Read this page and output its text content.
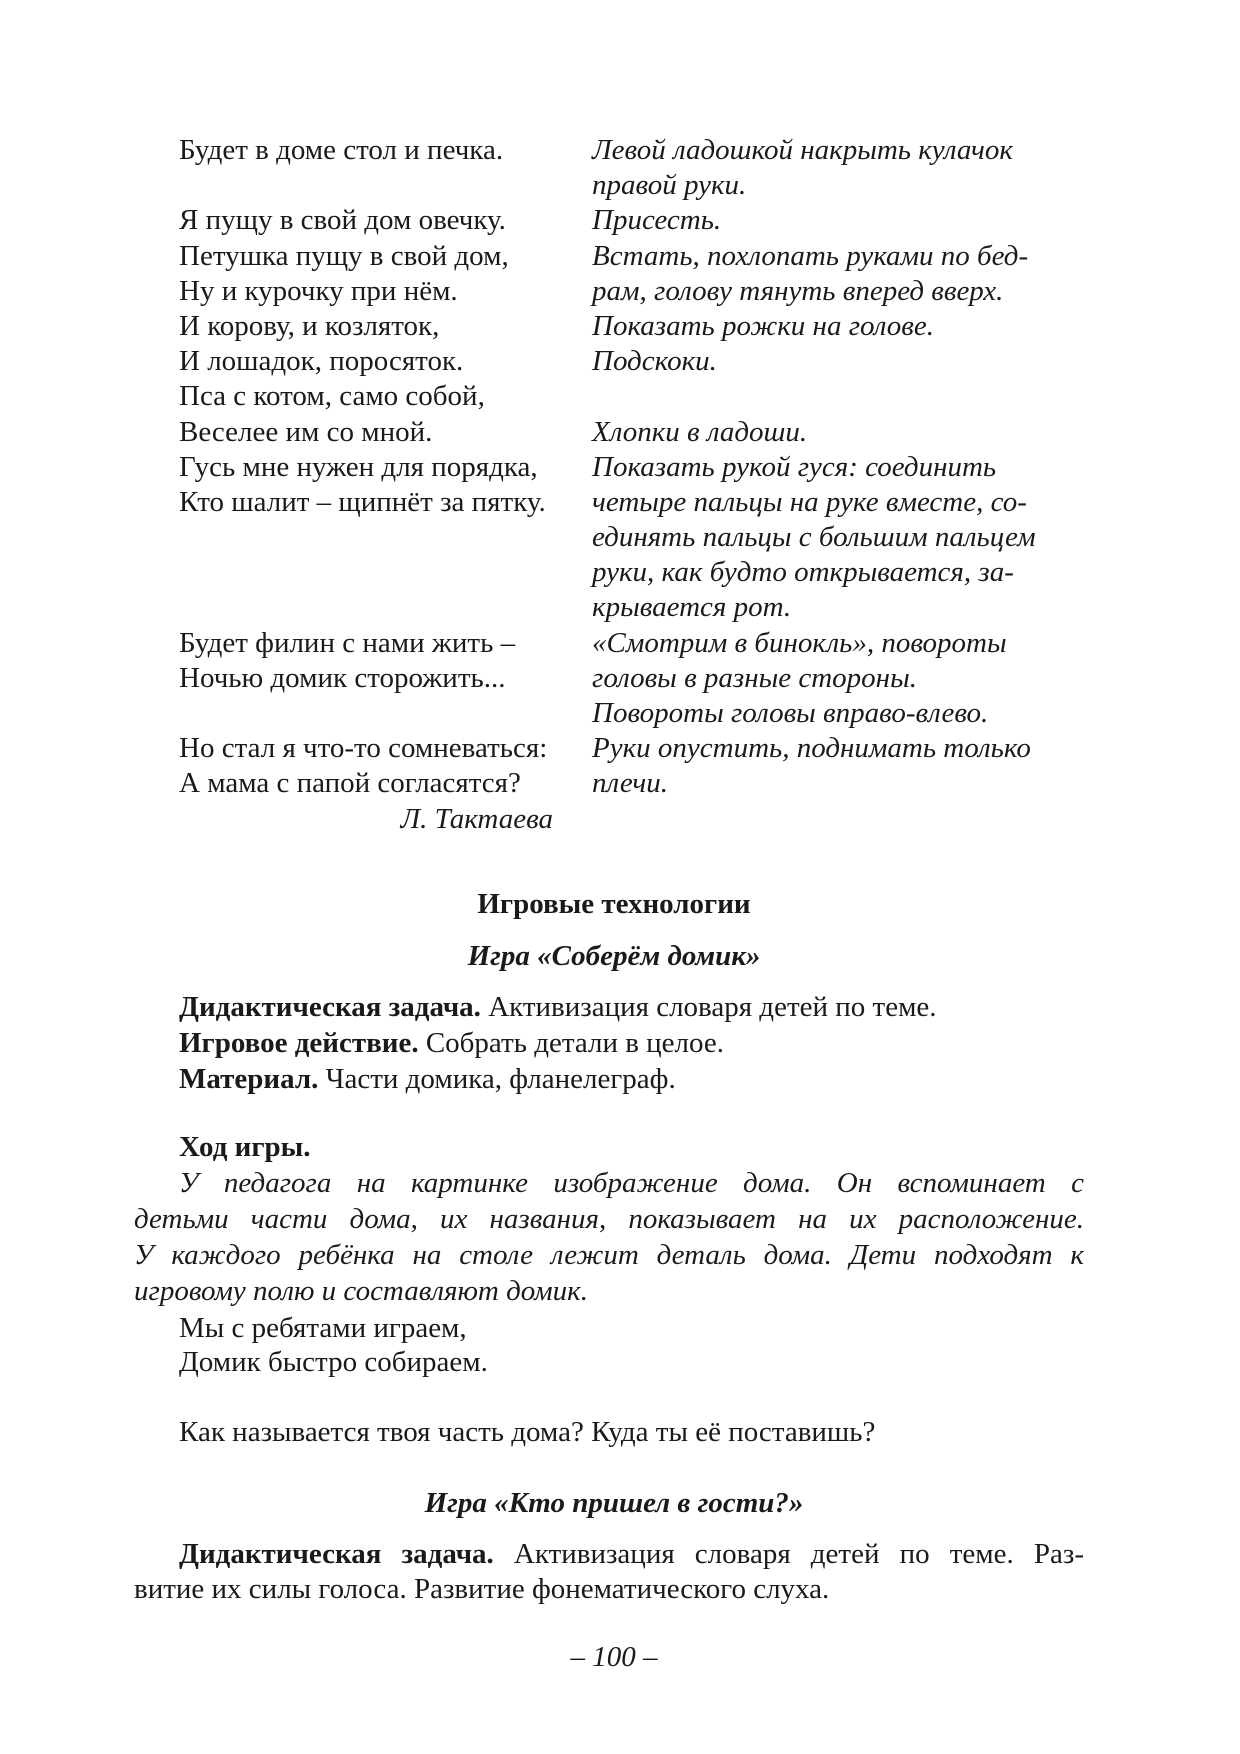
Будет в доме стол и печка.	Левой ладошкой накрыть кулачок
правой руки.
Я пущу в свой дом овечку.	Присесть.
Петушка пущу в свой дом,	Встать, похлопать руками по бед-
Ну и курочку при нём.	рам, голову тянуть вперед вверх.
И корову, и козляток,	Показать рожки на голове.
И лошадок, поросяток.	Подскоки.
Пса с котом, само собой,
Веселее им со мной.	Хлопки в ладоши.
Гусь мне нужен для порядка,	Показать рукой гуся: соединить
Кто шалит – щипнёт за пятку.	четыре пальцы на руке вместе, со-
единять пальцы с большим пальцем
руки, как будто открывается, за-
крывается рот.
Будет филин с нами жить –	«Смотрим в бинокль», повороты
Ночью домик сторожить...	головы в разные стороны.
Повороты головы вправо-влево.
Но стал я что-то сомневаться:	Руки опустить, поднимать только
А мама с папой согласятся?	плечи.
Л. Тактаева
Игровые технологии
Игра «Соберём домик»
Дидактическая задача. Активизация словаря детей по теме.
Игровое действие. Собрать детали в целое.
Материал. Части домика, фланелеграф.
Ход игры.
У педагога на картинке изображение дома. Он вспоминает с
детьми части дома, их названия, показывает на их расположение.
У каждого ребёнка на столе лежит деталь дома. Дети подходят к
игровому полю и составляют домик.
Мы с ребятами играем,
Домик быстро собираем.
Как называется твоя часть дома? Куда ты её поставишь?
Игра «Кто пришел в гости?»
Дидактическая задача. Активизация словаря детей по теме. Раз-
витие их силы голоса. Развитие фонематического слуха.
– 100 –
